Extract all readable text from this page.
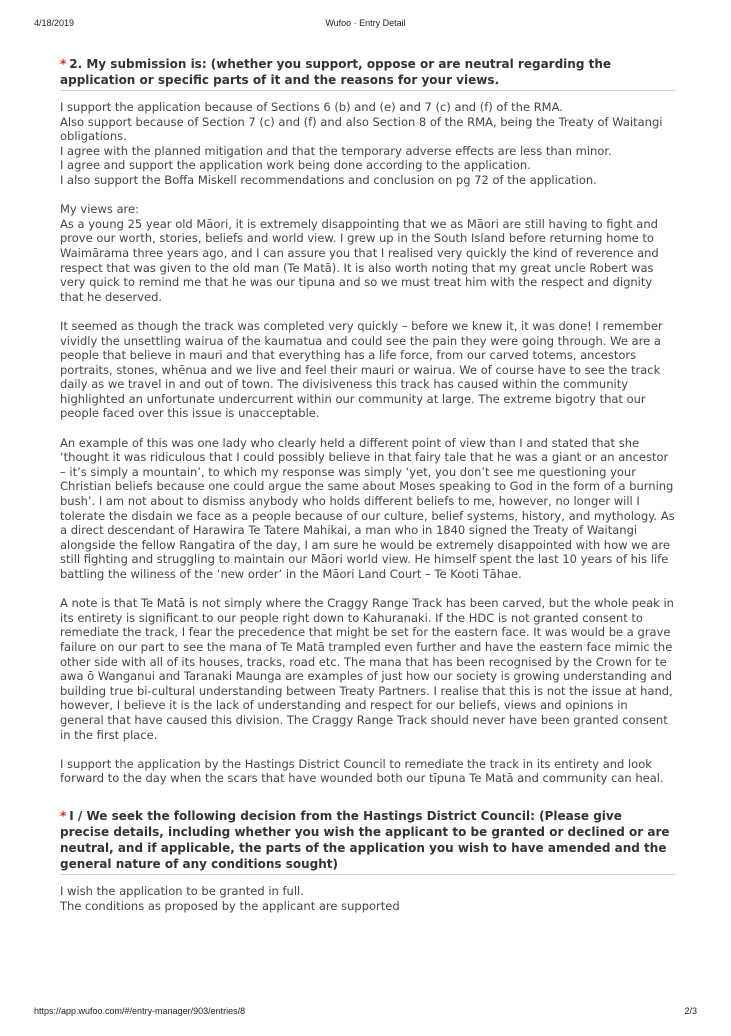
4/18/2019	Wufoo · Entry Detail
* 2. My submission is: (whether you support, oppose or are neutral regarding the application or specific parts of it and the reasons for your views.

I support the application because of Sections 6 (b) and (e) and 7 (c) and (f) of the RMA.
Also support because of Section 7 (c) and (f) and also Section 8 of the RMA, being the Treaty of Waitangi obligations.
I agree with the planned mitigation and that the temporary adverse effects are less than minor.
I agree and support the application work being done according to the application.
I also support the Boffa Miskell recommendations and conclusion on pg 72 of the application.

My views are:
As a young 25 year old Māori, it is extremely disappointing that we as Māori are still having to fight and prove our worth, stories, beliefs and world view. I grew up in the South Island before returning home to Waimārama three years ago, and I can assure you that I realised very quickly the kind of reverence and respect that was given to the old man (Te Matā). It is also worth noting that my great uncle Robert was very quick to remind me that he was our tipuna and so we must treat him with the respect and dignity that he deserved.

It seemed as though the track was completed very quickly – before we knew it, it was done! I remember vividly the unsettling wairua of the kaumatua and could see the pain they were going through. We are a people that believe in mauri and that everything has a life force, from our carved totems, ancestors portraits, stones, whēnua and we live and feel their mauri or wairua. We of course have to see the track daily as we travel in and out of town. The divisiveness this track has caused within the community highlighted an unfortunate undercurrent within our community at large. The extreme bigotry that our people faced over this issue is unacceptable.

An example of this was one lady who clearly held a different point of view than I and stated that she ‘thought it was ridiculous that I could possibly believe in that fairy tale that he was a giant or an ancestor – it’s simply a mountain’, to which my response was simply ‘yet, you don’t see me questioning your Christian beliefs because one could argue the same about Moses speaking to God in the form of a burning bush’. I am not about to dismiss anybody who holds different beliefs to me, however, no longer will I tolerate the disdain we face as a people because of our culture, belief systems, history, and mythology. As a direct descendant of Harawira Te Tatere Mahikai, a man who in 1840 signed the Treaty of Waitangi alongside the fellow Rangatira of the day, I am sure he would be extremely disappointed with how we are still fighting and struggling to maintain our Māori world view. He himself spent the last 10 years of his life battling the wiliness of the ‘new order’ in the Māori Land Court – Te Kooti Tāhae.

A note is that Te Matā is not simply where the Craggy Range Track has been carved, but the whole peak in its entirety is significant to our people right down to Kahuranaki. If the HDC is not granted consent to remediate the track, I fear the precedence that might be set for the eastern face. It was would be a grave failure on our part to see the mana of Te Matā trampled even further and have the eastern face mimic the other side with all of its houses, tracks, road etc. The mana that has been recognised by the Crown for te awa ō Wanganui and Taranaki Maunga are examples of just how our society is growing understanding and building true bi-cultural understanding between Treaty Partners. I realise that this is not the issue at hand, however, I believe it is the lack of understanding and respect for our beliefs, views and opinions in general that have caused this division. The Craggy Range Track should never have been granted consent in the first place.

I support the application by the Hastings District Council to remediate the track in its entirety and look forward to the day when the scars that have wounded both our tīpuna Te Matā and community can heal.

* I / We seek the following decision from the Hastings District Council: (Please give precise details, including whether you wish the applicant to be granted or declined or are neutral, and if applicable, the parts of the application you wish to have amended and the general nature of any conditions sought)

I wish the application to be granted in full.
The conditions as proposed by the applicant are supported

https://app.wufoo.com/#/entry-manager/903/entries/8	2/3
